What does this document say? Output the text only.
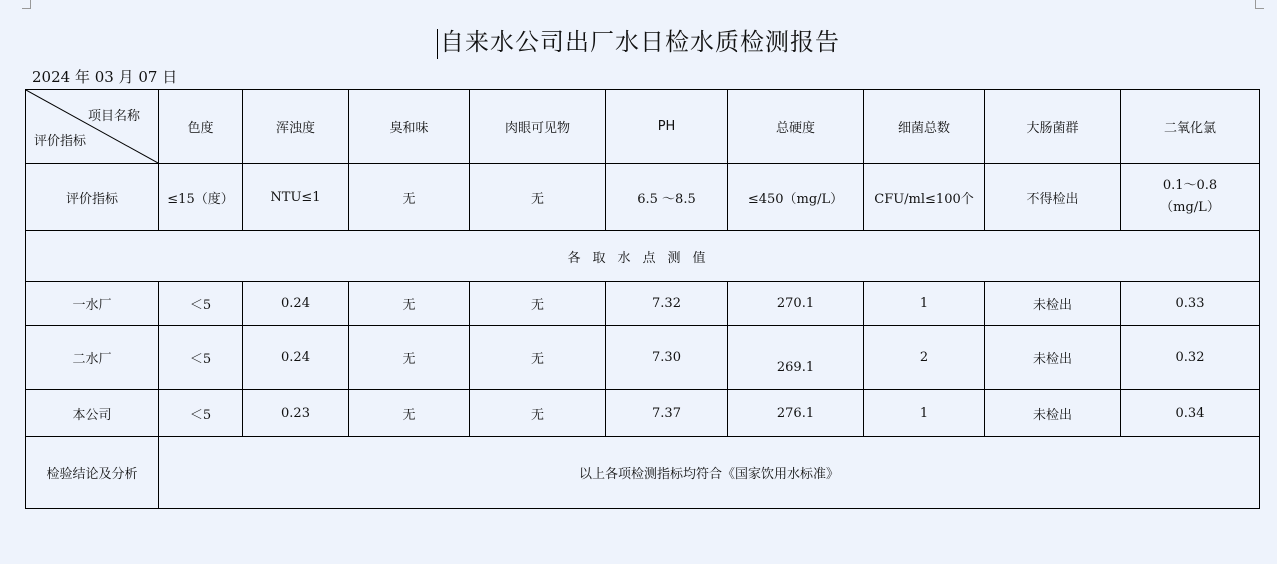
自来水公司出厂水日检水质检测报告
2024 年 03 月 07 日
项目名称
评价指标	色度	浑浊度	臭和味	肉眼可见物	PH	总硬度	细菌总数	大肠菌群	二氧化氯
评价指标	≤15（度）	NTU≤1	无	无	6.5 ～8.5	≤450（mg/L）	CFU/ml≤100个	不得检出	0.1～0.8（mg/L）
各取水点测值									
一水厂	＜5	0.24	无	无	7.32	270.1	1	未检出	0.33
二水厂	＜5	0.24	无	无	7.30	269.1	2	未检出	0.32
本公司	＜5	0.23	无	无	7.37	276.1	1	未检出	0.34
检验结论及分析	以上各项检测指标均符合《国家饮用水标准》								
